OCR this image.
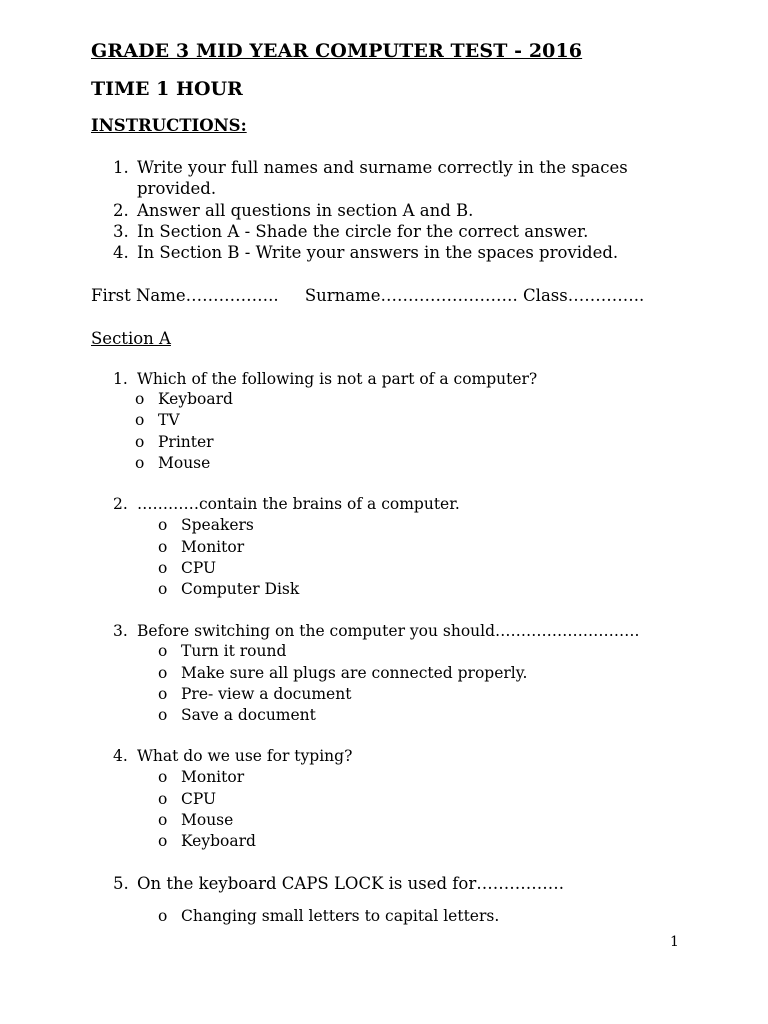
GRADE 3 MID YEAR COMPUTER TEST - 2016
TIME 1 HOUR
INSTRUCTIONS:
1. Write your full names and surname correctly in the spaces
provided.
2. Answer all questions in section A and B.
3. In Section A - Shade the circle for the correct answer.
4. In Section B - Write your answers in the spaces provided.
First Name……………..     Surname……………………. Class…………..
Section A
1. Which of the following is not a part of a computer?
o Keyboard
o TV
o Printer
o Mouse
2. …………contain the brains of a computer.
o Speakers
o Monitor
o CPU
o Computer Disk
3. Before switching on the computer you should……………………….
o Turn it round
o Make sure all plugs are connected properly.
o Pre- view a document
o Save a document
4. What do we use for typing?
o Monitor
o CPU
o Mouse
o Keyboard
5. On the keyboard CAPS LOCK is used for…………….
o Changing small letters to capital letters.
1
